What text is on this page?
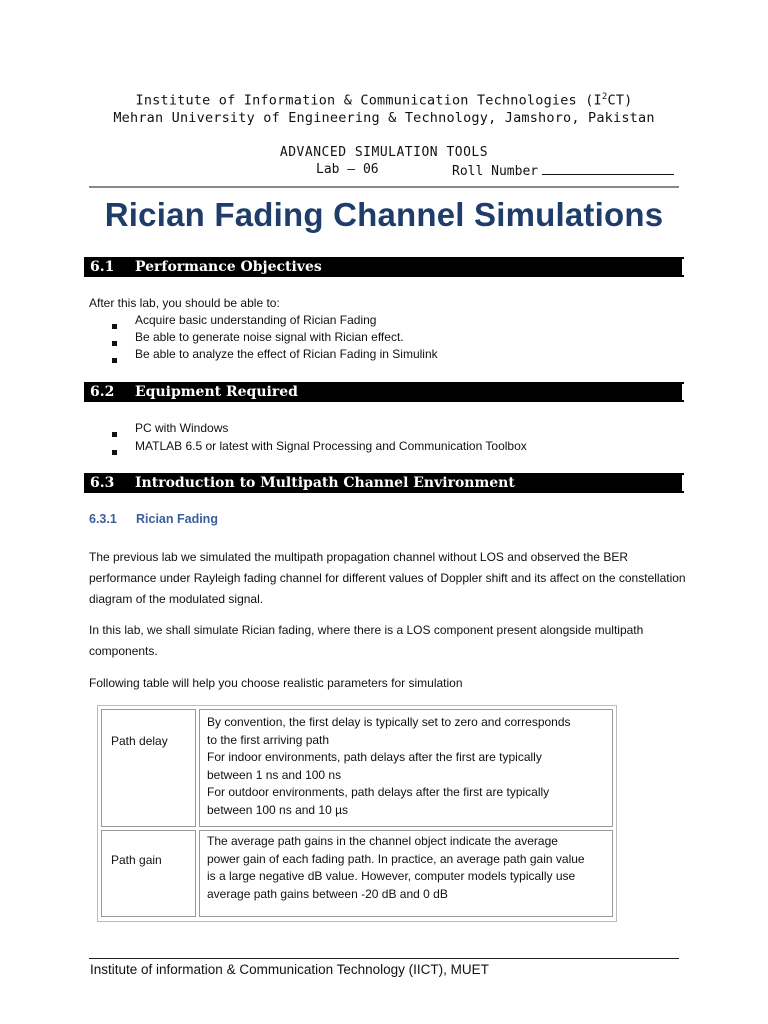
Institute of Information & Communication Technologies $(I^2CT)$
Mehran University of Engineering & Technology, Jamshoro, Pakistan
ADVANCED SIMULATION TOOLS
Lab – 06	Roll Number
Rician Fading Channel Simulations
6.1 Performance Objectives
After this lab, you should be able to:
Acquire basic understanding of Rician Fading
Be able to generate noise signal with Rician effect.
Be able to analyze the effect of Rician Fading in Simulink
6.2 Equipment Required
PC with Windows
MATLAB 6.5 or latest with Signal Processing and Communication Toolbox
6.3 Introduction to Multipath Channel Environment
6.3.1 Rician Fading
The previous lab we simulated the multipath propagation channel without LOS and observed the BER performance under Rayleigh fading channel for different values of Doppler shift and its affect on the constellation diagram of the modulated signal.
In this lab, we shall simulate Rician fading, where there is a LOS component present alongside multipath components.
Following table will help you choose realistic parameters for simulation
Path delay
By convention, the first delay is typically set to zero and corresponds
to the first arriving path
For indoor environments, path delays after the first are typically
between 1 ns and 100 ns
For outdoor environments, path delays after the first are typically
between 100 ns and 10 µs
Path gain
The average path gains in the channel object indicate the average
power gain of each fading path. In practice, an average path gain value
is a large negative dB value. However, computer models typically use
average path gains between -20 dB and 0 dB
Institute of information & Communication Technology (IICT), MUET
